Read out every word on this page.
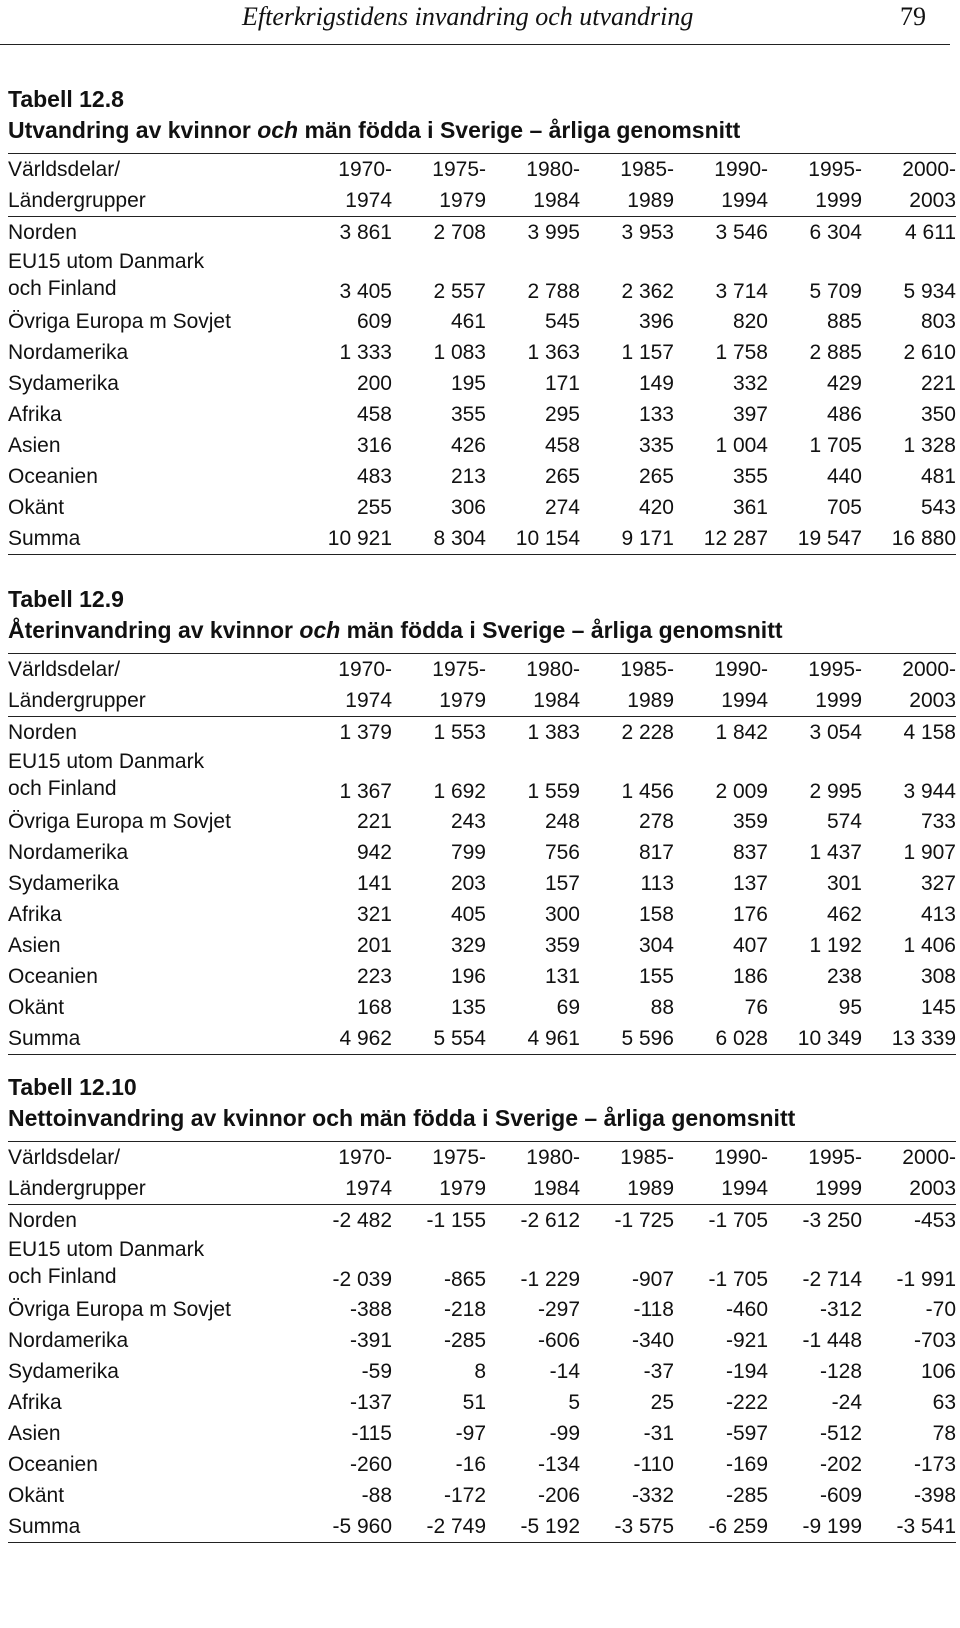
Efterkrigstidens invandring och utvandring	79
Tabell 12.8
Utvandring av kvinnor och män födda i Sverige – årliga genomsnitt
Världsdelar/	1970-	1975-	1980-	1985-	1990-	1995-	2000-
Ländergrupper	1974	1979	1984	1989	1994	1999	2003
Norden	3 861	2 708	3 995	3 953	3 546	6 304	4 611
EU15 utom Danmark
och Finland	3 405	2 557	2 788	2 362	3 714	5 709	5 934
Övriga Europa m Sovjet	609	461	545	396	820	885	803
Nordamerika	1 333	1 083	1 363	1 157	1 758	2 885	2 610
Sydamerika	200	195	171	149	332	429	221
Afrika	458	355	295	133	397	486	350
Asien	316	426	458	335	1 004	1 705	1 328
Oceanien	483	213	265	265	355	440	481
Okänt	255	306	274	420	361	705	543
Summa	10 921	8 304	10 154	9 171	12 287	19 547	16 880
Tabell 12.9
Återinvandring av kvinnor och män födda i Sverige – årliga genomsnitt
Världsdelar/	1970-	1975-	1980-	1985-	1990-	1995-	2000-
Ländergrupper	1974	1979	1984	1989	1994	1999	2003
Norden	1 379	1 553	1 383	2 228	1 842	3 054	4 158
EU15 utom Danmark
och Finland	1 367	1 692	1 559	1 456	2 009	2 995	3 944
Övriga Europa m Sovjet	221	243	248	278	359	574	733
Nordamerika	942	799	756	817	837	1 437	1 907
Sydamerika	141	203	157	113	137	301	327
Afrika	321	405	300	158	176	462	413
Asien	201	329	359	304	407	1 192	1 406
Oceanien	223	196	131	155	186	238	308
Okänt	168	135	69	88	76	95	145
Summa	4 962	5 554	4 961	5 596	6 028	10 349	13 339
Tabell 12.10
Nettoinvandring av kvinnor och män födda i Sverige – årliga genomsnitt
Världsdelar/	1970-	1975-	1980-	1985-	1990-	1995-	2000-
Ländergrupper	1974	1979	1984	1989	1994	1999	2003
Norden	-2 482	-1 155	-2 612	-1 725	-1 705	-3 250	-453
EU15 utom Danmark
och Finland	-2 039	-865	-1 229	-907	-1 705	-2 714	-1 991
Övriga Europa m Sovjet	-388	-218	-297	-118	-460	-312	-70
Nordamerika	-391	-285	-606	-340	-921	-1 448	-703
Sydamerika	-59	8	-14	-37	-194	-128	106
Afrika	-137	51	5	25	-222	-24	63
Asien	-115	-97	-99	-31	-597	-512	78
Oceanien	-260	-16	-134	-110	-169	-202	-173
Okänt	-88	-172	-206	-332	-285	-609	-398
Summa	-5 960	-2 749	-5 192	-3 575	-6 259	-9 199	-3 541
